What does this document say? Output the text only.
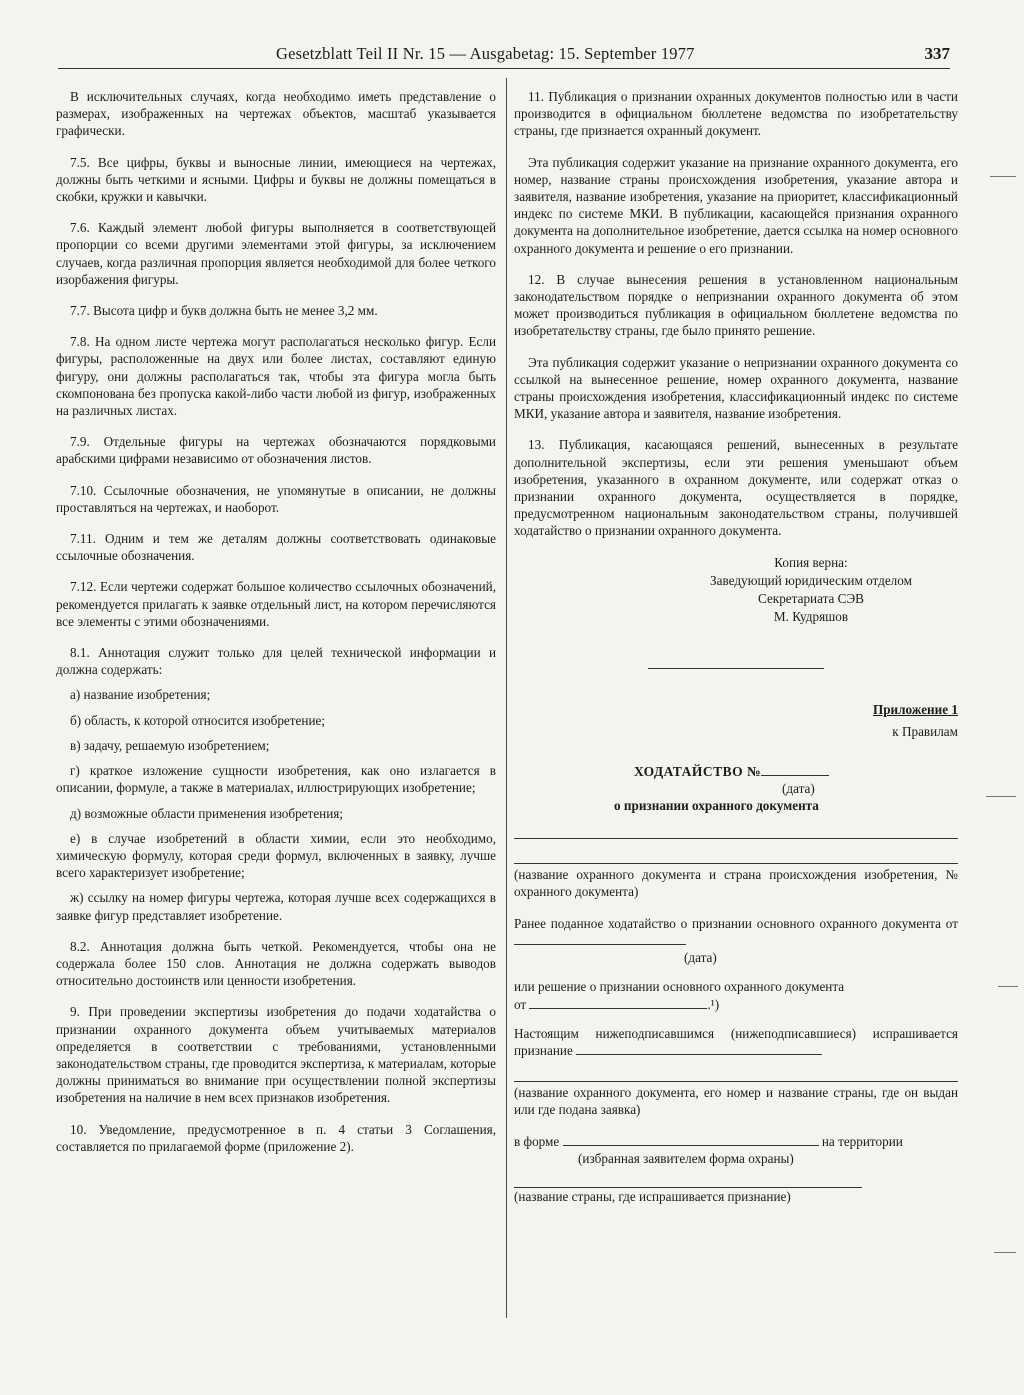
Gesetzblatt Teil II Nr. 15 — Ausgabetag: 15. September 1977	337

В исключительных случаях, когда необходимо иметь представление о размерах, изображенных на чертежах объектов, масштаб указывается графически.

7.5. Все цифры, буквы и выносные линии, имеющиеся на чертежах, должны быть четкими и ясными. Цифры и буквы не должны помещаться в скобки, кружки и кавычки.

7.6. Каждый элемент любой фигуры выполняется в соответствующей пропорции со всеми другими элементами этой фигуры, за исключением случаев, когда различная пропорция является необходимой для более четкого изорбажения фигуры.

7.7. Высота цифр и букв должна быть не менее 3,2 мм.

7.8. На одном листе чертежа могут располагаться несколько фигур. Если фигуры, расположенные на двух или более листах, составляют единую фигуру, они должны располагаться так, чтобы эта фигура могла быть скомпонована без пропуска какой-либо части любой из фигур, изображенных на различных листах.

7.9. Отдельные фигуры на чертежах обозначаются порядковыми арабскими цифрами независимо от обозначения листов.

7.10. Ссылочные обозначения, не упомянутые в описании, не должны проставляться на чертежах, и наоборот.

7.11. Одним и тем же деталям должны соответствовать одинаковые ссылочные обозначения.

7.12. Если чертежи содержат большое количество ссылочных обозначений, рекомендуется прилагать к заявке отдельный лист, на котором перечисляются все элементы с этими обозначениями.

8.1. Аннотация служит только для целей технической информации и должна содержать:

а) название изобретения;

б) область, к которой относится изобретение;

в) задачу, решаемую изобретением;

г) краткое изложение сущности изобретения, как оно излагается в описании, формуле, а также в материалах, иллюстрирующих изобретение;

д) возможные области применения изобретения;

е) в случае изобретений в области химии, если это необходимо, химическую формулу, которая среди формул, включенных в заявку, лучше всего характеризует изобретение;

ж) ссылку на номер фигуры чертежа, которая лучше всех содержащихся в заявке фигур представляет изобретение.

8.2. Аннотация должна быть четкой. Рекомендуется, чтобы она не содержала более 150 слов. Аннотация не должна содержать выводов относительно достоинств или ценности изобретения.

9. При проведении экспертизы изобретения до подачи ходатайства о признании охранного документа объем учитываемых материалов определяется в соответствии с требованиями, установленными законодательством страны, где проводится экспертиза, к материалам, которые должны приниматься во внимание при осуществлении полной экспертизы изобретения на наличие в нем всех признаков изобретения.

10. Уведомление, предусмотренное в п. 4 статьи 3 Соглашения, составляется по прилагаемой форме (приложение 2).

11. Публикация о признании охранных документов полностью или в части производится в официальном бюллетене ведомства по изобретательству страны, где признается охранный документ.

Эта публикация содержит указание на признание охранного документа, его номер, название страны происхождения изобретения, указание автора и заявителя, название изобретения, указание на приоритет, классификационный индекс по системе МКИ. В публикации, касающейся признания охранного документа на дополнительное изобретение, дается ссылка на номер основного охранного документа и решение о его признании.

12. В случае вынесения решения в установленном национальным законодательством порядке о непризнании охранного документа об этом может производиться публикация в официальном бюллетене ведомства по изобретательству страны, где было принято решение.

Эта публикация содержит указание о непризнании охранного документа со ссылкой на вынесенное решение, номер охранного документа, название страны происхождения изобретения, классификационный индекс по системе МКИ, указание автора и заявителя, название изобретения.

13. Публикация, касающаяся решений, вынесенных в результате дополнительной экспертизы, если эти решения уменьшают объем изобретения, указанного в охранном документе, или содержат отказ о признании охранного документа, осуществляется в порядке, предусмотренном национальным законодательством страны, получившей ходатайство о признании охранного документа.

Копия верна:
Заведующий юридическим отделом
Секретариата СЭВ
М. Кудряшов
Приложение 1
к Правилам
ХОДАТАЙСТВО №
(дата)
о признании охранного документа

(название охранного документа и страна происхождения изобретения, № охранного документа)

Ранее поданное ходатайство о признании основного охранного документа от

(дата)

или решение о признании основного охранного документа
от	.¹)

Настоящим нижеподписавшимся (нижеподписавшиеся) испрашивается признание

(название охранного документа, его номер и название страны, где он выдан или где подана заявка)

в форме	на территории

(избранная заявителем форма охраны)
(название страны, где испрашивается признание)
